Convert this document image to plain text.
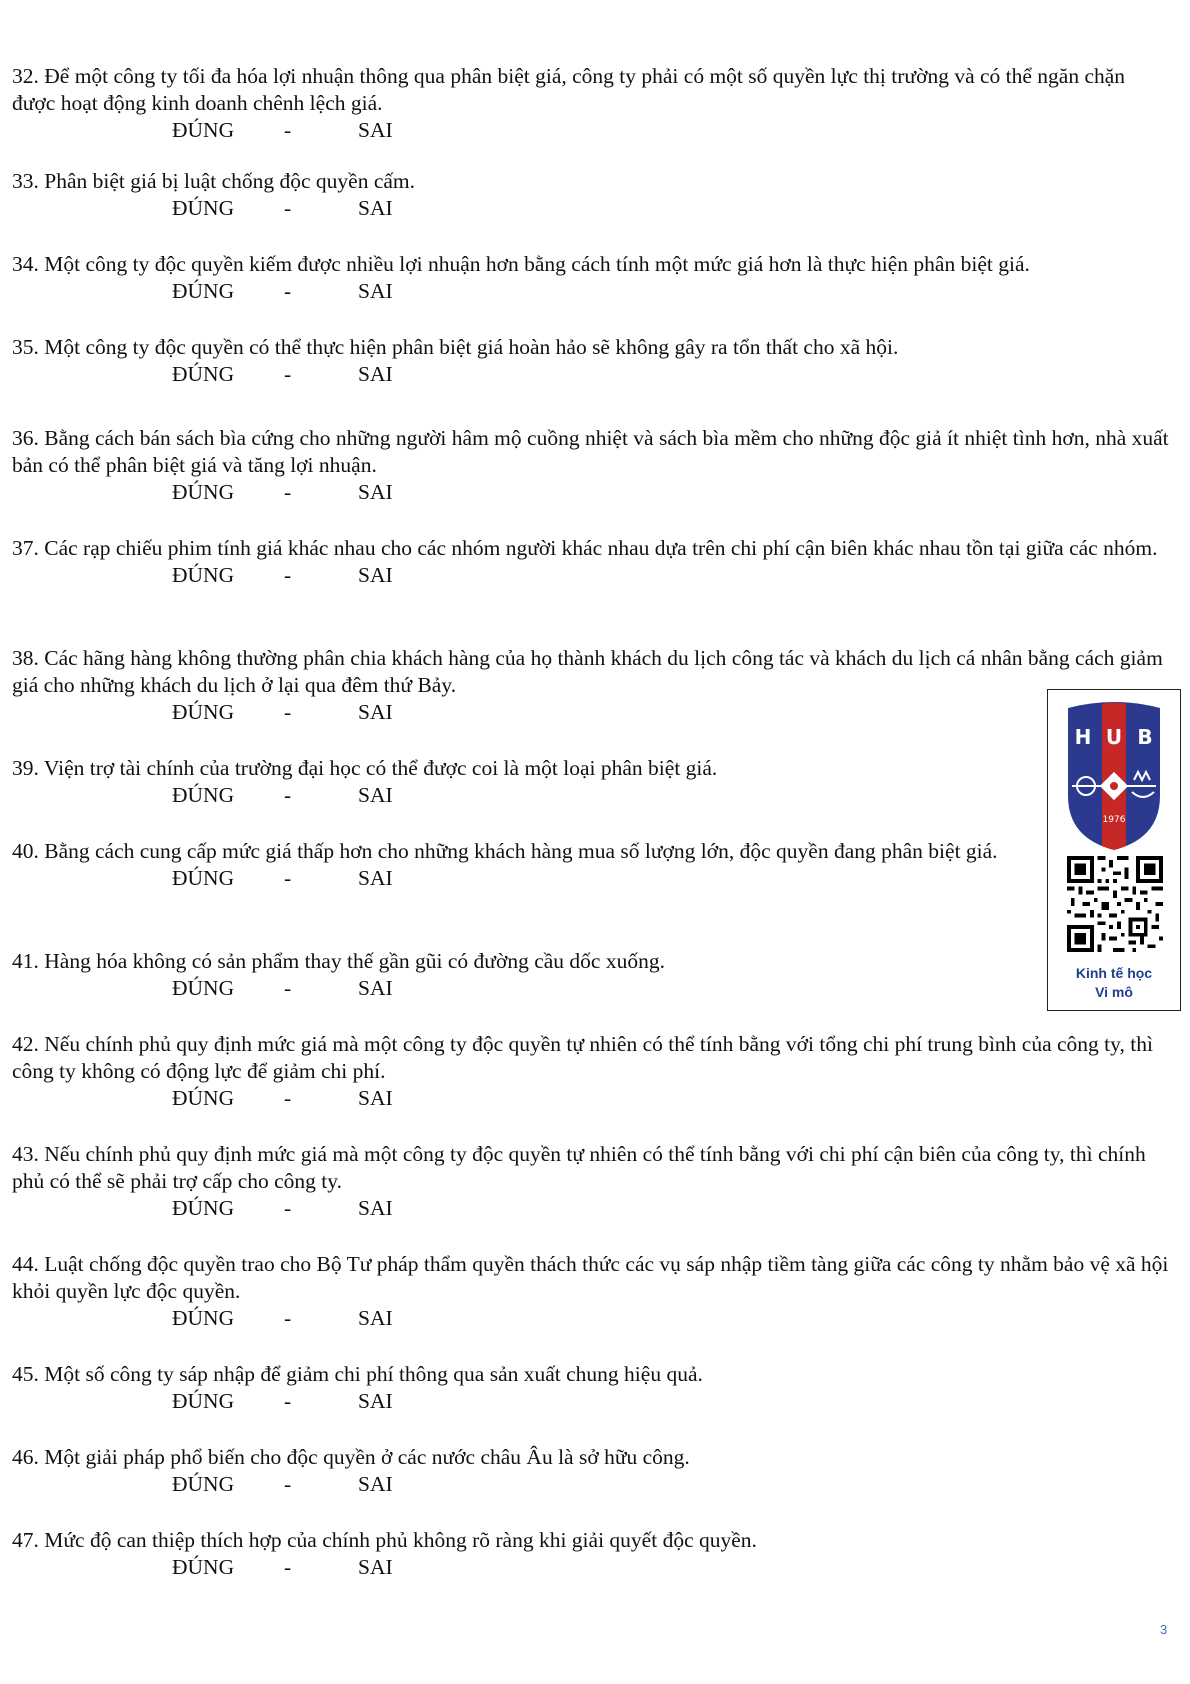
32. Để một công ty tối đa hóa lợi nhuận thông qua phân biệt giá, công ty phải có một số quyền lực thị trường và có thể ngăn chặn được hoạt động kinh doanh chênh lệch giá.

ĐÚNG -	SAI

33. Phân biệt giá bị luật chống độc quyền cấm.

ĐÚNG -	SAI

34. Một công ty độc quyền kiếm được nhiều lợi nhuận hơn bằng cách tính một mức giá hơn là thực hiện phân biệt giá.

ĐÚNG -	SAI

35. Một công ty độc quyền có thể thực hiện phân biệt giá hoàn hảo sẽ không gây ra tổn thất cho xã hội.

ĐÚNG -	SAI

36. Bằng cách bán sách bìa cứng cho những người hâm mộ cuồng nhiệt và sách bìa mềm cho những độc giả ít nhiệt tình hơn, nhà xuất bản có thể phân biệt giá và tăng lợi nhuận.

ĐÚNG -	SAI

37. Các rạp chiếu phim tính giá khác nhau cho các nhóm người khác nhau dựa trên chi phí cận biên khác nhau tồn tại giữa các nhóm.

ĐÚNG -	SAI

38. Các hãng hàng không thường phân chia khách hàng của họ thành khách du lịch công tác và khách du lịch cá nhân bằng cách giảm giá cho những khách du lịch ở lại qua đêm thứ Bảy.

ĐÚNG -	SAI

39. Viện trợ tài chính của trường đại học có thể được coi là một loại phân biệt giá.

ĐÚNG -	SAI

40. Bằng cách cung cấp mức giá thấp hơn cho những khách hàng mua số lượng lớn, độc quyền đang phân biệt giá.

ĐÚNG -	SAI

41. Hàng hóa không có sản phẩm thay thế gần gũi có đường cầu dốc xuống.

ĐÚNG -	SAI

42. Nếu chính phủ quy định mức giá mà một công ty độc quyền tự nhiên có thể tính bằng với tổng chi phí trung bình của công ty, thì công ty không có động lực để giảm chi phí.

ĐÚNG -	SAI

43. Nếu chính phủ quy định mức giá mà một công ty độc quyền tự nhiên có thể tính bằng với chi phí cận biên của công ty, thì chính phủ có thể sẽ phải trợ cấp cho công ty.

ĐÚNG -	SAI

44. Luật chống độc quyền trao cho Bộ Tư pháp thẩm quyền thách thức các vụ sáp nhập tiềm tàng giữa các công ty nhằm bảo vệ xã hội khỏi quyền lực độc quyền.

ĐÚNG -	SAI

45. Một số công ty sáp nhập để giảm chi phí thông qua sản xuất chung hiệu quả.

ĐÚNG -	SAI

46. Một giải pháp phổ biến cho độc quyền ở các nước châu Âu là sở hữu công.

ĐÚNG -	SAI

47. Mức độ can thiệp thích hợp của chính phủ không rõ ràng khi giải quyết độc quyền.

ĐÚNG -	SAI
H U B
1976
Kinh tế học
Vi mô
3
